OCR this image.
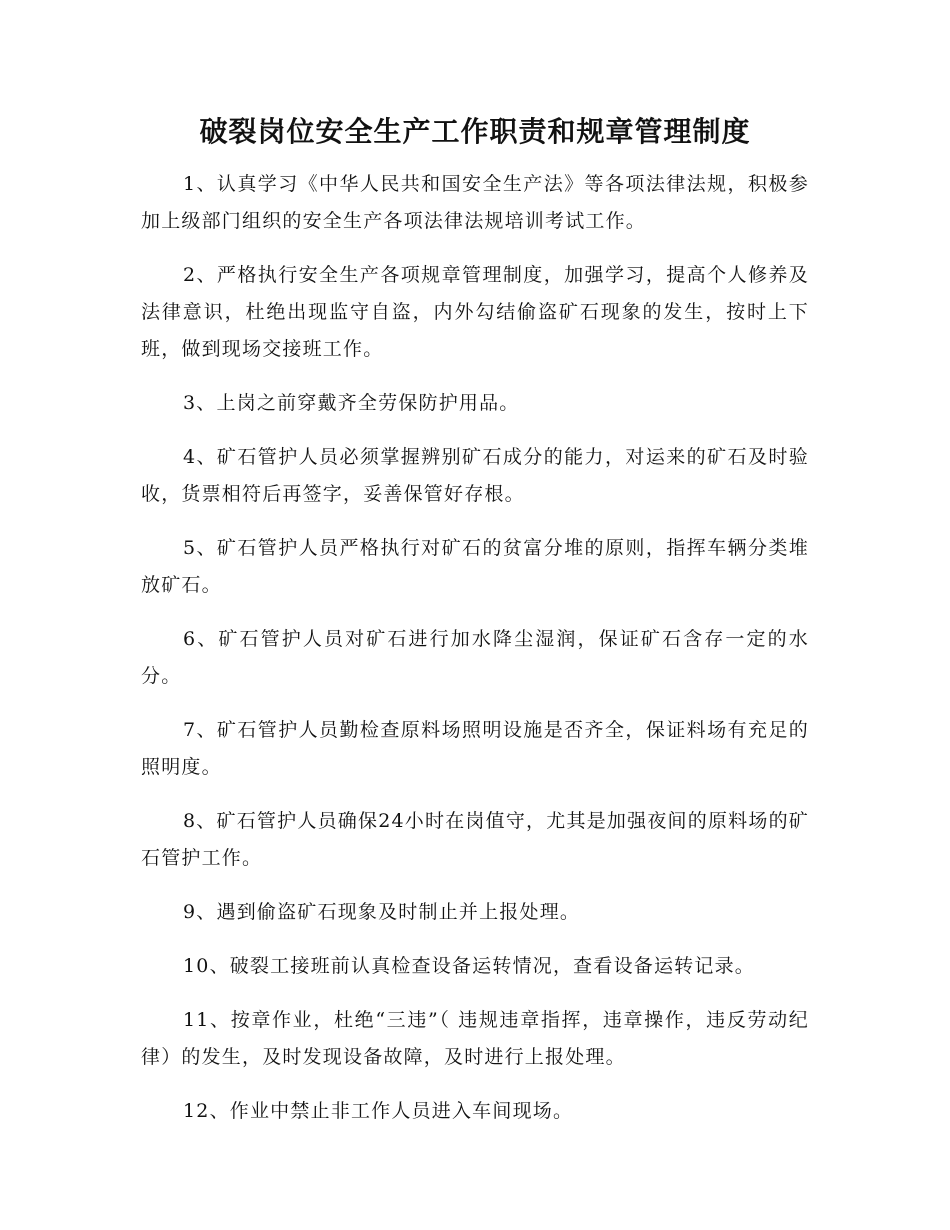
破裂岗位安全生产工作职责和规章管理制度

1、认真学习《中华人民共和国安全生产法》等各项法律法规，积极参加上级部门组织的安全生产各项法律法规培训考试工作。

2、严格执行安全生产各项规章管理制度，加强学习，提高个人修养及法律意识，杜绝出现监守自盗，内外勾结偷盗矿石现象的发生，按时上下班，做到现场交接班工作。

3、上岗之前穿戴齐全劳保防护用品。

4、矿石管护人员必须掌握辨别矿石成分的能力，对运来的矿石及时验收，货票相符后再签字，妥善保管好存根。

5、矿石管护人员严格执行对矿石的贫富分堆的原则，指挥车辆分类堆放矿石。

6、矿石管护人员对矿石进行加水降尘湿润，保证矿石含存一定的水分。

7、矿石管护人员勤检查原料场照明设施是否齐全，保证料场有充足的照明度。

8、矿石管护人员确保24小时在岗值守，尤其是加强夜间的原料场的矿石管护工作。

9、遇到偷盗矿石现象及时制止并上报处理。

10、破裂工接班前认真检查设备运转情况，查看设备运转记录。

11、按章作业，杜绝“三违”（ 违规违章指挥，违章操作，违反劳动纪律）的发生，及时发现设备故障，及时进行上报处理。

12、作业中禁止非工作人员进入车间现场。
